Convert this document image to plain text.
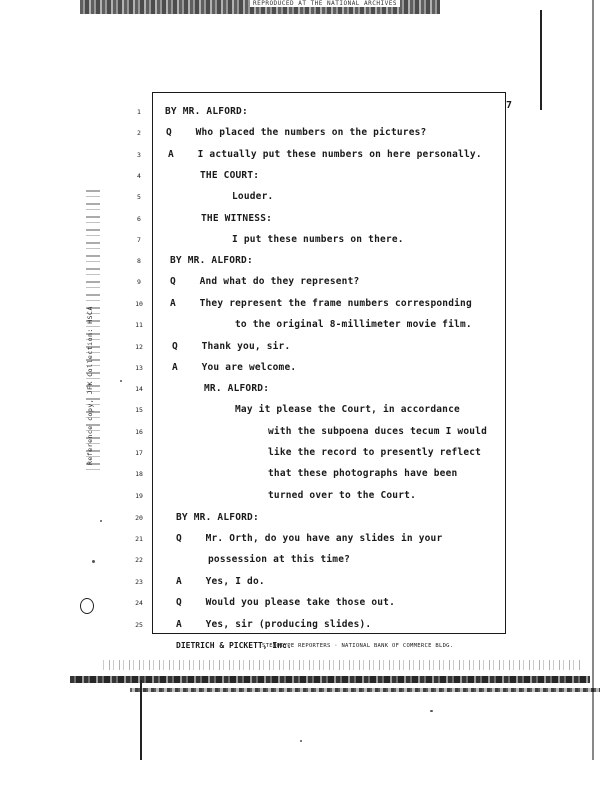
REPRODUCED AT THE NATIONAL ARCHIVES
Reference copy, JFK Collection: HSCA
7
1	BY MR. ALFORD:
2	Q    Who placed the numbers on the pictures?
3	A    I actually put these numbers on here personally.
4	THE COURT:
5	Louder.
6	THE WITNESS:
7	I put these numbers on there.
8	BY MR. ALFORD:
9	Q    And what do they represent?
10	A    They represent the frame numbers corresponding
11	to the original 8-millimeter movie film.
12	Q    Thank you, sir.
13	A    You are welcome.
14	MR. ALFORD:
15	May it please the Court, in accordance
16	with the subpoena duces tecum I would
17	like the record to presently reflect
18	that these photographs have been
19	turned over to the Court.
20	BY MR. ALFORD:
21	Q    Mr. Orth, do you have any slides in your
22	possession at this time?
23	A    Yes, I do.
24	Q    Would you please take those out.
25	A    Yes, sir (producing slides).
DIETRICH & PICKETT, Inc.
STENOTYPE REPORTERS · NATIONAL BANK OF COMMERCE BLDG.
